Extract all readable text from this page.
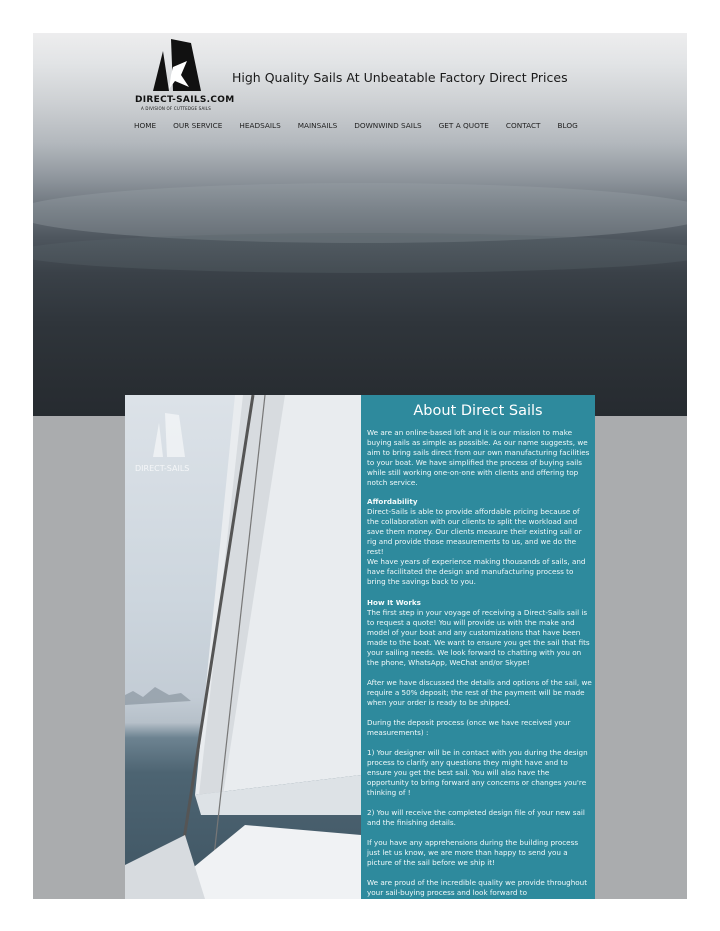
DIRECT-SAILS.COM
A DIVISION OF CUTTEDGE SAILS
High Quality Sails At Unbeatable Factory Direct Prices
HOME OUR SERVICE HEADSAILS MAINSAILS DOWNWIND SAILS GET A QUOTE CONTACT BLOG
DIRECT-SAILS
About Direct Sails
We are an online-based loft and it is our mission to make buying sails as simple as possible. As our name suggests, we aim to bring sails direct from our own manufacturing facilities to your boat. We have simplified the process of buying sails while still working one-on-one with clients and offering top notch service.
Affordability
Direct-Sails is able to provide affordable pricing because of the collaboration with our clients to split the workload and save them money. Our clients measure their existing sail or rig and provide those measurements to us, and we do the rest!
We have years of experience making thousands of sails, and have facilitated the design and manufacturing process to bring the savings back to you.
How It Works
The first step in your voyage of receiving a Direct-Sails sail is to request a quote! You will provide us with the make and model of your boat and any customizations that have been made to the boat. We want to ensure you get the sail that fits your sailing needs. We look forward to chatting with you on the phone, WhatsApp, WeChat and/or Skype!
After we have discussed the details and options of the sail, we require a 50% deposit; the rest of the payment will be made when your order is ready to be shipped.
During the deposit process (once we have received your measurements) :
1) Your designer will be in contact with you during the design process to clarify any questions they might have and to ensure you get the best sail. You will also have the opportunity to bring forward any concerns or changes you're thinking of !
2) You will receive the completed design file of your new sail and the finishing details.
If you have any apprehensions during the building process just let us know, we are more than happy to send you a picture of the sail before we ship it!
We are proud of the incredible quality we provide throughout your sail-buying process and look forward to
